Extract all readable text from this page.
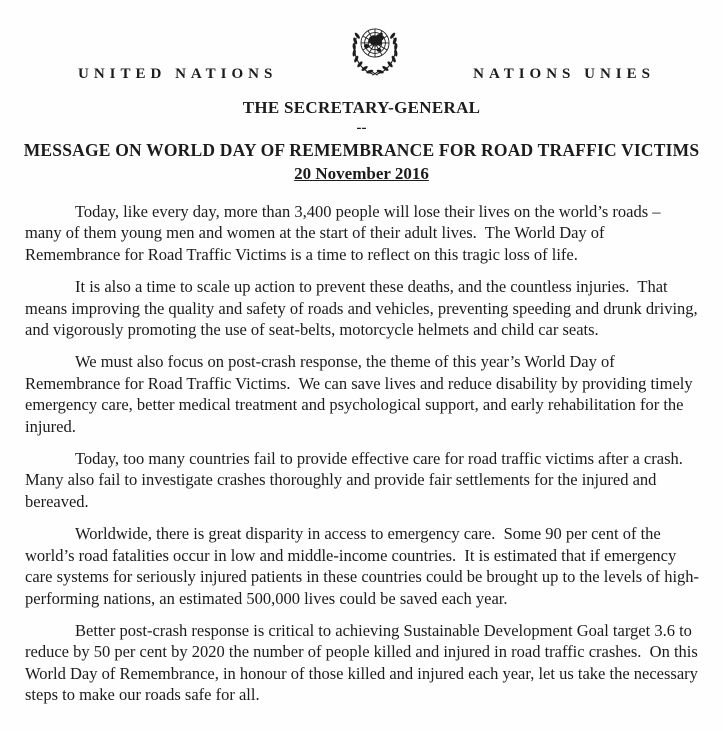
UNITED NATIONS	NATIONS UNIES
THE SECRETARY-GENERAL
--
MESSAGE ON WORLD DAY OF REMEMBRANCE FOR ROAD TRAFFIC VICTIMS
20 November 2016

Today, like every day, more than 3,400 people will lose their lives on the world’s roads – many of them young men and women at the start of their adult lives.  The World Day of Remembrance for Road Traffic Victims is a time to reflect on this tragic loss of life.

It is also a time to scale up action to prevent these deaths, and the countless injuries.  That means improving the quality and safety of roads and vehicles, preventing speeding and drunk driving, and vigorously promoting the use of seat-belts, motorcycle helmets and child car seats.

We must also focus on post-crash response, the theme of this year’s World Day of Remembrance for Road Traffic Victims.  We can save lives and reduce disability by providing timely emergency care, better medical treatment and psychological support, and early rehabilitation for the injured.

Today, too many countries fail to provide effective care for road traffic victims after a crash.  Many also fail to investigate crashes thoroughly and provide fair settlements for the injured and bereaved.

Worldwide, there is great disparity in access to emergency care.  Some 90 per cent of the world’s road fatalities occur in low and middle-income countries.  It is estimated that if emergency care systems for seriously injured patients in these countries could be brought up to the levels of high-performing nations, an estimated 500,000 lives could be saved each year.

Better post-crash response is critical to achieving Sustainable Development Goal target 3.6 to reduce by 50 per cent by 2020 the number of people killed and injured in road traffic crashes.  On this World Day of Remembrance, in honour of those killed and injured each year, let us take the necessary steps to make our roads safe for all.
